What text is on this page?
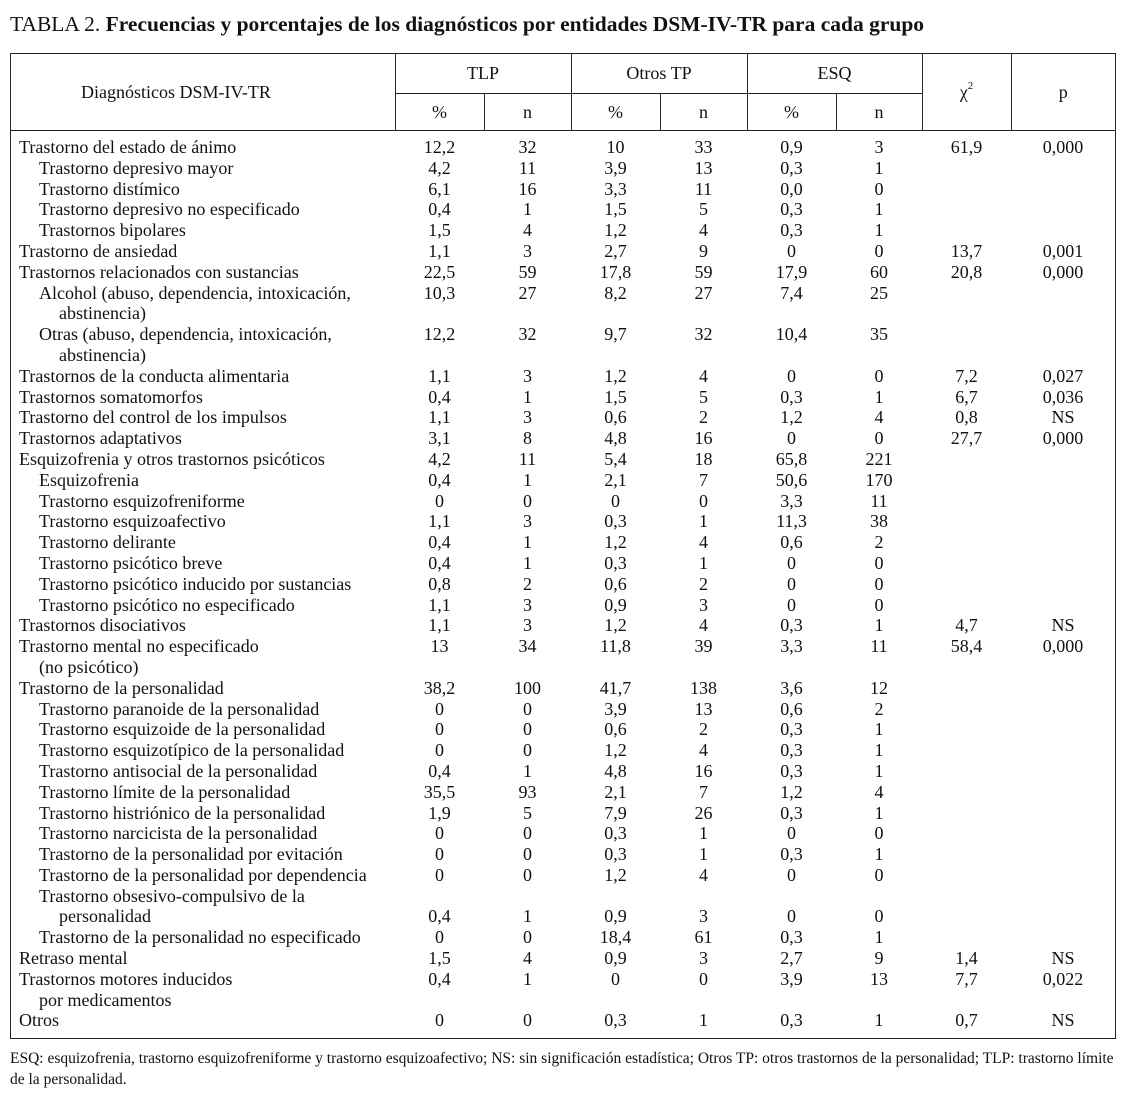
TABLA 2. Frecuencias y porcentajes de los diagnósticos por entidades DSM-IV-TR para cada grupo
Diagnósticos DSM-IV-TR	TLP		Otros TP		ESQ		$\chi^2$	p
	%	n	%	n	%	n		
Trastorno del estado de ánimo	12,2	32	10	33	0,9	3	61,9	0,000
Trastorno depresivo mayor	4,2	11	3,9	13	0,3	1		
Trastorno distímico	6,1	16	3,3	11	0,0	0		
Trastorno depresivo no especificado	0,4	1	1,5	5	0,3	1		
Trastornos bipolares	1,5	4	1,2	4	0,3	1		
Trastorno de ansiedad	1,1	3	2,7	9	0	0	13,7	0,001
Trastornos relacionados con sustancias	22,5	59	17,8	59	17,9	60	20,8	0,000
Alcohol (abuso, dependencia, intoxicación,
abstinencia)	10,3	27	8,2	27	7,4	25		
Otras (abuso, dependencia, intoxicación,
abstinencia)	12,2	32	9,7	32	10,4	35		
Trastornos de la conducta alimentaria	1,1	3	1,2	4	0	0	7,2	0,027
Trastornos somatomorfos	0,4	1	1,5	5	0,3	1	6,7	0,036
Trastorno del control de los impulsos	1,1	3	0,6	2	1,2	4	0,8	NS
Trastornos adaptativos	3,1	8	4,8	16	0	0	27,7	0,000
Esquizofrenia y otros trastornos psicóticos	4,2	11	5,4	18	65,8	221		
Esquizofrenia	0,4	1	2,1	7	50,6	170		
Trastorno esquizofreniforme	0	0	0	0	3,3	11		
Trastorno esquizoafectivo	1,1	3	0,3	1	11,3	38		
Trastorno delirante	0,4	1	1,2	4	0,6	2		
Trastorno psicótico breve	0,4	1	0,3	1	0	0		
Trastorno psicótico inducido por sustancias	0,8	2	0,6	2	0	0		
Trastorno psicótico no especificado	1,1	3	0,9	3	0	0		
Trastornos disociativos	1,1	3	1,2	4	0,3	1	4,7	NS
Trastorno mental no especificado
(no psicótico)	13	34	11,8	39	3,3	11	58,4	0,000
Trastorno de la personalidad	38,2	100	41,7	138	3,6	12		
Trastorno paranoide de la personalidad	0	0	3,9	13	0,6	2		
Trastorno esquizoide de la personalidad	0	0	0,6	2	0,3	1		
Trastorno esquizotípico de la personalidad	0	0	1,2	4	0,3	1		
Trastorno antisocial de la personalidad	0,4	1	4,8	16	0,3	1		
Trastorno límite de la personalidad	35,5	93	2,1	7	1,2	4		
Trastorno histriónico de la personalidad	1,9	5	7,9	26	0,3	1		
Trastorno narcicista de la personalidad	0	0	0,3	1	0	0		
Trastorno de la personalidad por evitación	0	0	0,3	1	0,3	1		
Trastorno de la personalidad por dependencia	0	0	1,2	4	0	0		
Trastorno obsesivo-compulsivo de la
personalidad	0,4	1	0,9	3	0	0		
Trastorno de la personalidad no especificado	0	0	18,4	61	0,3	1		
Retraso mental	1,5	4	0,9	3	2,7	9	1,4	NS
Trastornos motores inducidos
por medicamentos	0,4	1	0	0	3,9	13	7,7	0,022
Otros	0	0	0,3	1	0,3	1	0,7	NS
ESQ: esquizofrenia, trastorno esquizofreniforme y trastorno esquizoafectivo; NS: sin significación estadística; Otros TP: otros trastornos de la personalidad; TLP: trastorno límite de la personalidad.
